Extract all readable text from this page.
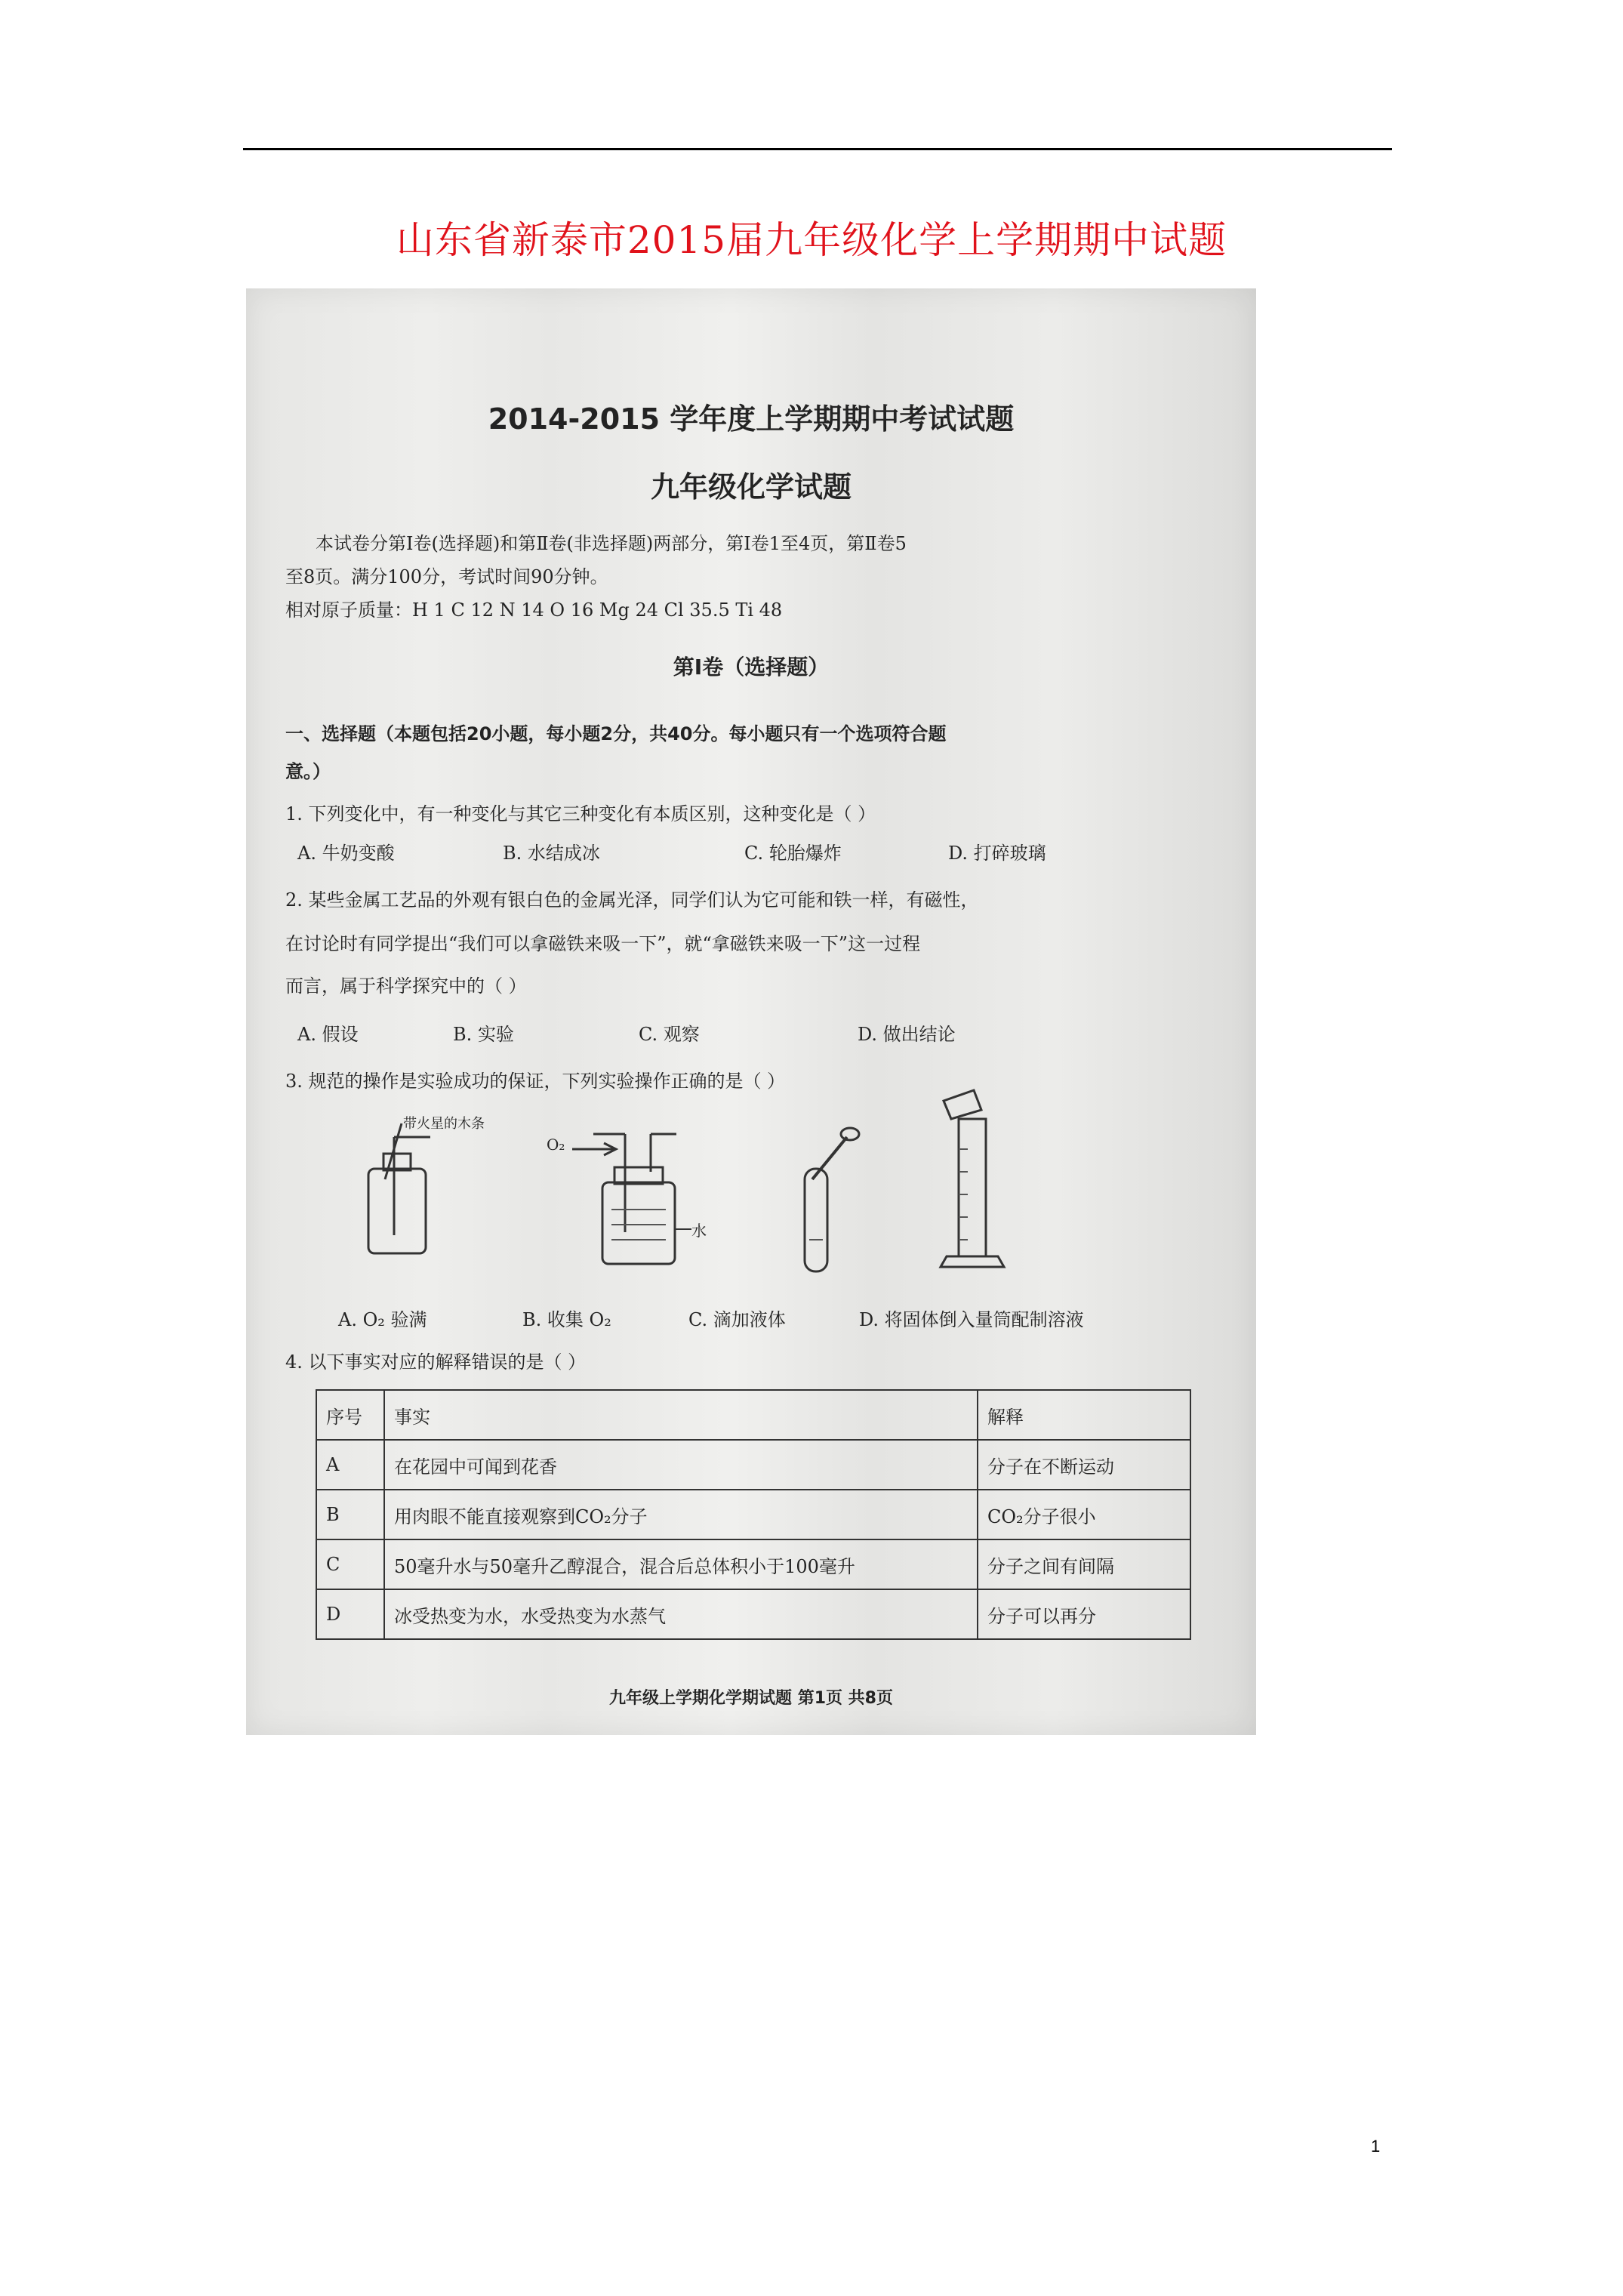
山东省新泰市2015届九年级化学上学期期中试题
2014-2015 学年度上学期期中考试试题
九年级化学试题
本试卷分第Ⅰ卷(选择题)和第Ⅱ卷(非选择题)两部分，第Ⅰ卷1至4页，第Ⅱ卷5
至8页。满分100分，考试时间90分钟。
相对原子质量：H 1 C 12 N 14 O 16 Mg 24 Cl 35.5 Ti 48
第Ⅰ卷（选择题）
一、选择题（本题包括20小题，每小题2分，共40分。每小题只有一个选项符合题
意。）
1. 下列变化中，有一种变化与其它三种变化有本质区别，这种变化是（ ）
A. 牛奶变酸	B. 水结成冰	C. 轮胎爆炸	D. 打碎玻璃
2. 某些金属工艺品的外观有银白色的金属光泽，同学们认为它可能和铁一样，有磁性，
在讨论时有同学提出“我们可以拿磁铁来吸一下”，就“拿磁铁来吸一下”这一过程
而言，属于科学探究中的（ ）
A. 假设	B. 实验	C. 观察	D. 做出结论
3. 规范的操作是实验成功的保证，下列实验操作正确的是（ ）
带火星的木条
O₂
水
A. O₂ 验满	B. 收集 O₂	C. 滴加液体	D. 将固体倒入量筒配制溶液
4. 以下事实对应的解释错误的是（ ）
序号	事实	解释
A	在花园中可闻到花香	分子在不断运动
B	用肉眼不能直接观察到CO₂分子	CO₂分子很小
C	50毫升水与50毫升乙醇混合，混合后总体积小于100毫升	分子之间有间隔
D	冰受热变为水，水受热变为水蒸气	分子可以再分
九年级上学期化学期试题 第1页 共8页
1
